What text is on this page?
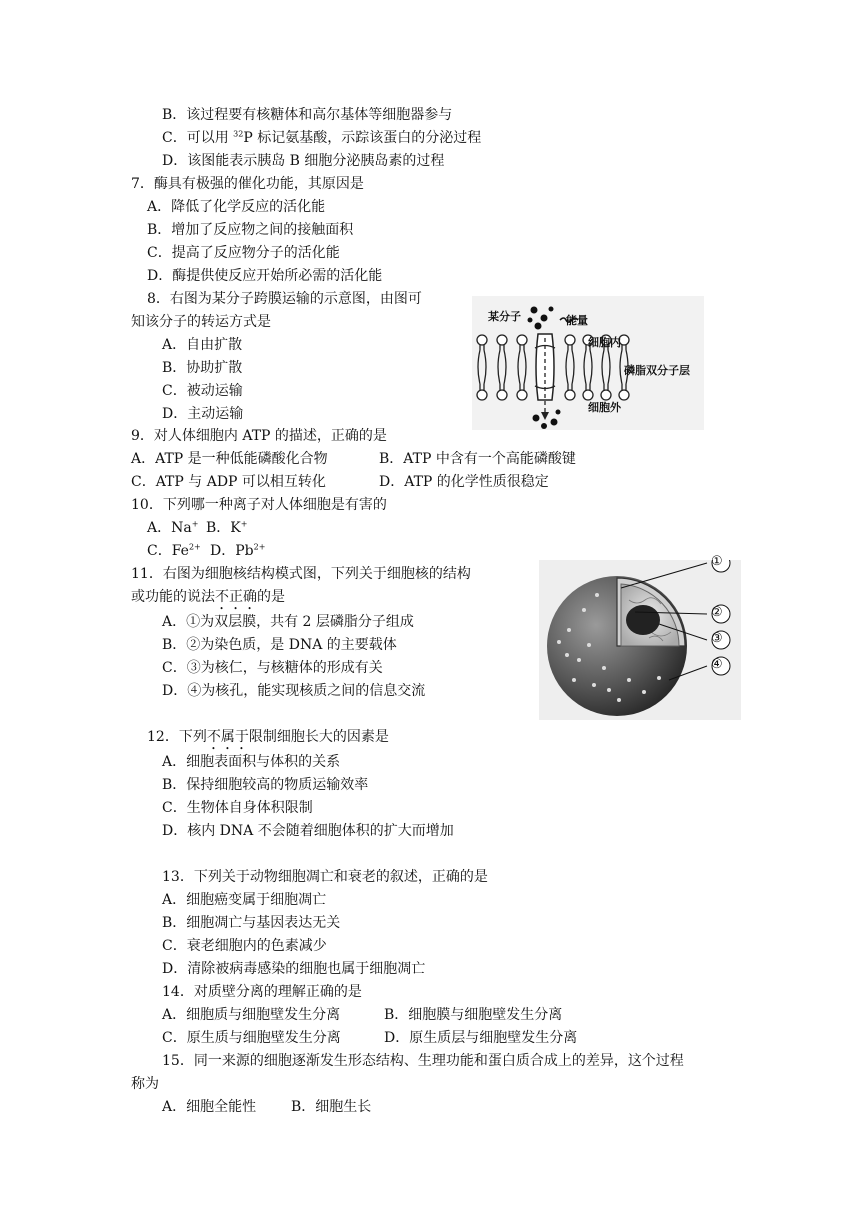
B．该过程要有核糖体和高尔基体等细胞器参与
C．可以用 $^{32}$P 标记氨基酸，示踪该蛋白的分泌过程
D．该图能表示胰岛 B 细胞分泌胰岛素的过程
7．酶具有极强的催化功能，其原因是
A．降低了化学反应的活化能
B．增加了反应物之间的接触面积
C．提高了反应物分子的活化能
D．酶提供使反应开始所必需的活化能
8．右图为某分子跨膜运输的示意图，由图可
知该分子的转运方式是
A．自由扩散
B．协助扩散
C．被动运输
D．主动运输
某分子	能量
细胞内
磷脂双分子层
细胞外
9．对人体细胞内 ATP 的描述，正确的是
A．ATP 是一种低能磷酸化合物	B．ATP 中含有一个高能磷酸键
C．ATP 与 ADP 可以相互转化	D．ATP 的化学性质很稳定
10．下列哪一种离子对人体细胞是有害的
A．Na+ B．K+
C．$Fe^{2+}$ D．$Pb^{2+}$
11．右图为细胞核结构模式图，下列关于细胞核的结构
或功能的说法不正确的是
A．①为双层膜，共有 2 层磷脂分子组成
B．②为染色质，是 DNA 的主要载体
C．③为核仁，与核糖体的形成有关
D．④为核孔，能实现核质之间的信息交流
①
②
③
④
12．下列不属于限制细胞长大的因素是
A．细胞表面积与体积的关系
B．保持细胞较高的物质运输效率
C．生物体自身体积限制
D．核内 DNA 不会随着细胞体积的扩大而增加
13．下列关于动物细胞凋亡和衰老的叙述，正确的是
A．细胞癌变属于细胞凋亡
B．细胞凋亡与基因表达无关
C．衰老细胞内的色素减少
D．清除被病毒感染的细胞也属于细胞凋亡
14．对质壁分离的理解正确的是
A．细胞质与细胞壁发生分离	B．细胞膜与细胞壁发生分离
C．原生质与细胞壁发生分离	D．原生质层与细胞壁发生分离
15．同一来源的细胞逐渐发生形态结构、生理功能和蛋白质合成上的差异，这个过程
称为
A．细胞全能性 B．细胞生长
